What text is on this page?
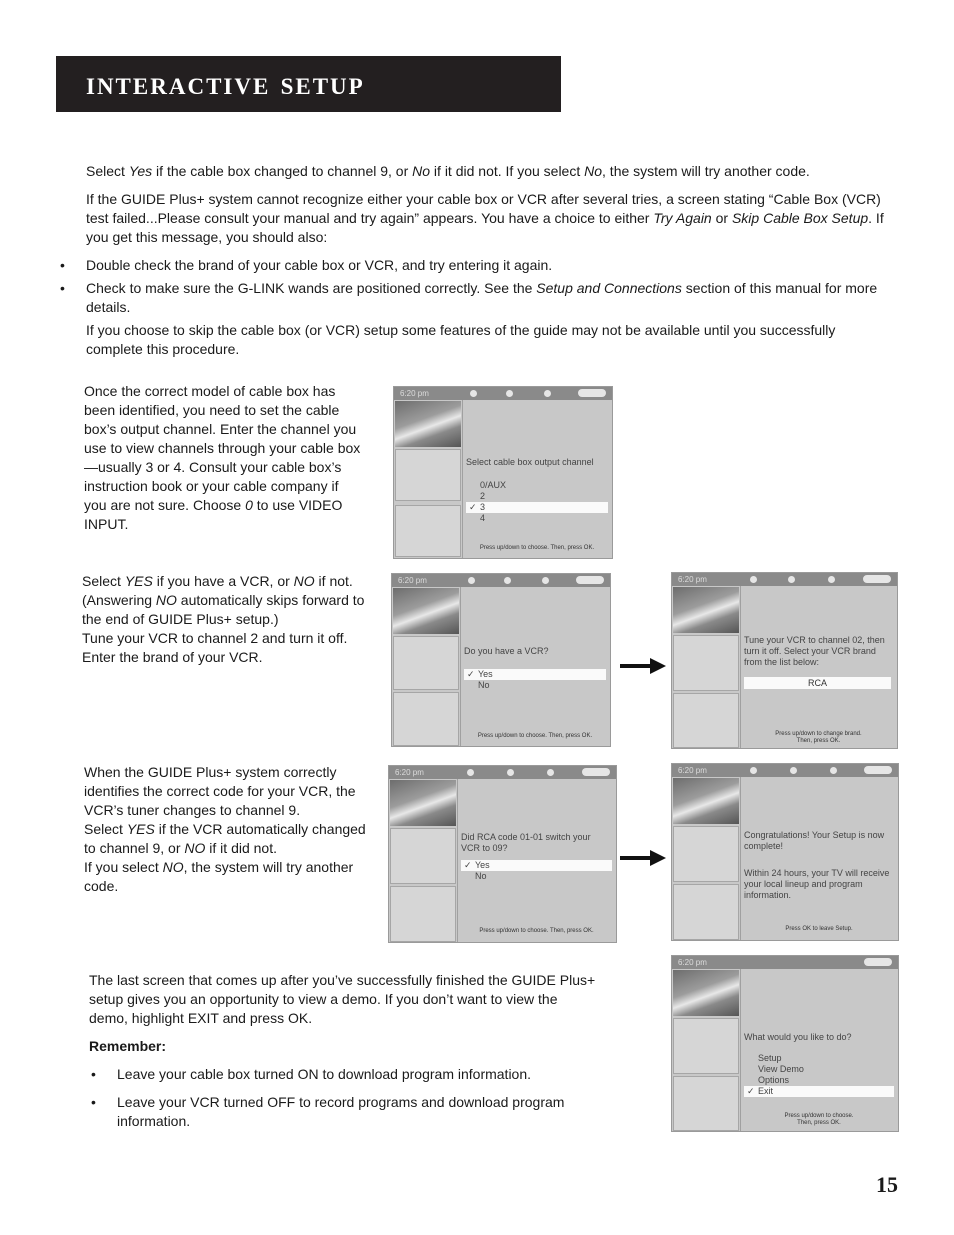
interactive setup

Select Yes if the cable box changed to channel 9, or No if it did not. If you select No, the system will try another code.

If the GUIDE Plus+ system cannot recognize either your cable box or VCR after several tries, a screen stating “Cable Box (VCR) test failed...Please consult your manual and try again” appears. You have a choice to either Try Again or Skip Cable Box Setup. If you get this message, you should also:

• Double check the brand of your cable box or VCR, and try entering it again.
• Check to make sure the G-LINK wands are positioned correctly. See the Setup and Connections section of this manual for more details.

If you choose to skip the cable box (or VCR) setup some features of the guide may not be available until you successfully complete this procedure.

Once the correct model of cable box has been identified, you need to set the cable box’s output channel. Enter the channel you use to view channels through your cable box—usually 3 or 4. Consult your cable box’s instruction book or your cable company if you are not sure. Choose 0 to use VIDEO INPUT.

6:20 pm
Select cable box output channel
0/AUX
2
✓ 3
4
Press up/down to choose. Then, press OK.

Select YES if you have a VCR, or NO if not. (Answering NO automatically skips forward to the end of GUIDE Plus+ setup.)

Tune your VCR to channel 2 and turn it off.

Enter the brand of your VCR.

6:20 pm
Do you have a VCR?
✓ Yes
No
Press up/down to choose. Then, press OK.
6:20 pm
Tune your VCR to channel 02, then turn it off. Select your VCR brand from the list below:
RCA
Press up/down to change brand.
Then, press OK.

When the GUIDE Plus+ system correctly identifies the correct code for your VCR, the VCR’s tuner changes to channel 9.

Select YES if the VCR automatically changed to channel 9, or NO if it did not.

If you select NO, the system will try another code.

6:20 pm
Did RCA code 01-01 switch your VCR to 09?
✓ Yes
No
Press up/down to choose. Then, press OK.
6:20 pm
Congratulations! Your Setup is now complete!
Within 24 hours, your TV will receive your local lineup and program information.
Press OK to leave Setup.

The last screen that comes up after you’ve successfully finished the GUIDE Plus+ setup gives you an opportunity to view a demo. If you don’t want to view the demo, highlight EXIT and press OK.

Remember:

• Leave your cable box turned ON to download program information.
• Leave your VCR turned OFF to record programs and download program information.
6:20 pm
What would you like to do?
Setup
View Demo
Options
✓ Exit
Press up/down to choose.
Then, press OK.
15
